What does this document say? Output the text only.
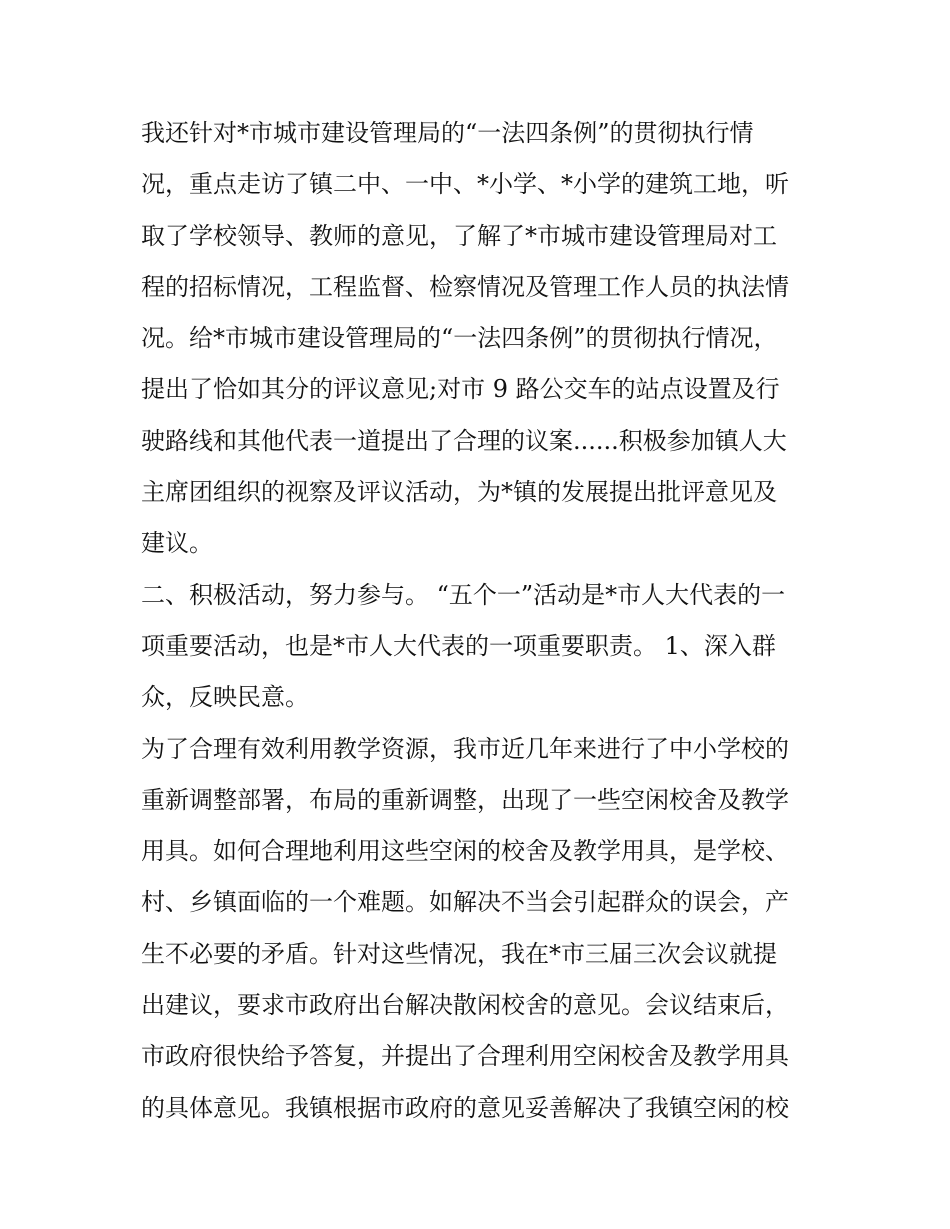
我还针对*市城市建设管理局的“一法四条例”的贯彻执行情
况，重点走访了镇二中、一中、*小学、*小学的建筑工地，听
取了学校领导、教师的意见，了解了*市城市建设管理局对工
程的招标情况，工程监督、检察情况及管理工作人员的执法情
况。给*市城市建设管理局的“一法四条例”的贯彻执行情况，
提出了恰如其分的评议意见;对市 9 路公交车的站点设置及行
驶路线和其他代表一道提出了合理的议案......积极参加镇人大
主席团组织的视察及评议活动，为*镇的发展提出批评意见及
建议。
二、积极活动，努力参与。 “五个一”活动是*市人大代表的一
项重要活动，也是*市人大代表的一项重要职责。 1、深入群
众，反映民意。
为了合理有效利用教学资源，我市近几年来进行了中小学校的
重新调整部署，布局的重新调整，出现了一些空闲校舍及教学
用具。如何合理地利用这些空闲的校舍及教学用具，是学校、
村、乡镇面临的一个难题。如解决不当会引起群众的误会，产
生不必要的矛盾。针对这些情况，我在*市三届三次会议就提
出建议，要求市政府出台解决散闲校舍的意见。会议结束后，
市政府很快给予答复，并提出了合理利用空闲校舍及教学用具
的具体意见。我镇根据市政府的意见妥善解决了我镇空闲的校
